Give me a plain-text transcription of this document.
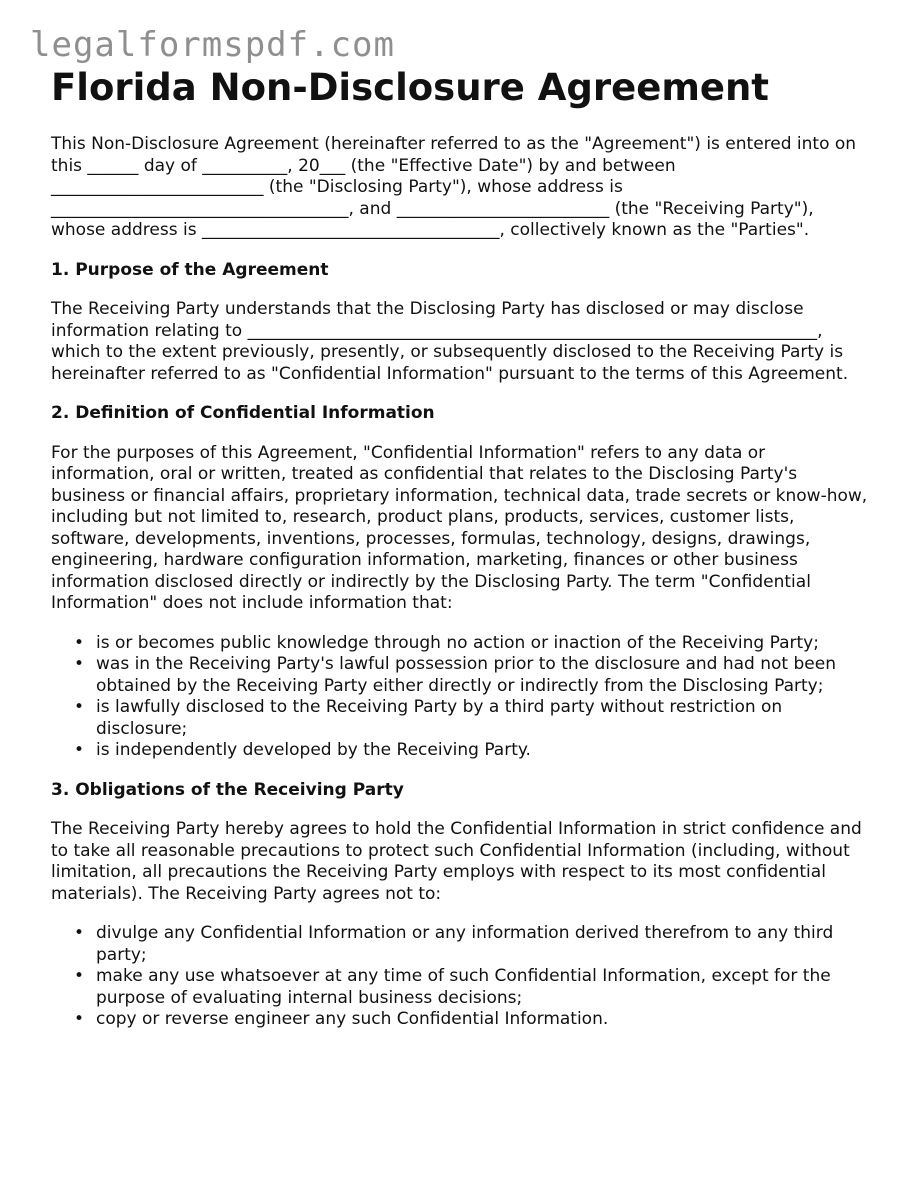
legalformspdf.com
Florida Non-Disclosure Agreement

This Non-Disclosure Agreement (hereinafter referred to as the "Agreement") is entered into on this ______ day of __________, 20___ (the "Effective Date") by and between _________________________ (the "Disclosing Party"), whose address is ___________________________________, and _________________________ (the "Receiving Party"), whose address is ___________________________________, collectively known as the "Parties".

1. Purpose of the Agreement

The Receiving Party understands that the Disclosing Party has disclosed or may disclose information relating to ___________________________________________________________________, which to the extent previously, presently, or subsequently disclosed to the Receiving Party is hereinafter referred to as "Confidential Information" pursuant to the terms of this Agreement.

2. Definition of Confidential Information

For the purposes of this Agreement, "Confidential Information" refers to any data or information, oral or written, treated as confidential that relates to the Disclosing Party's business or financial affairs, proprietary information, technical data, trade secrets or know-how, including but not limited to, research, product plans, products, services, customer lists, software, developments, inventions, processes, formulas, technology, designs, drawings, engineering, hardware configuration information, marketing, finances or other business information disclosed directly or indirectly by the Disclosing Party. The term "Confidential Information" does not include information that:

• is or becomes public knowledge through no action or inaction of the Receiving Party;
• was in the Receiving Party's lawful possession prior to the disclosure and had not been obtained by the Receiving Party either directly or indirectly from the Disclosing Party;
• is lawfully disclosed to the Receiving Party by a third party without restriction on disclosure;
• is independently developed by the Receiving Party.
3. Obligations of the Receiving Party

The Receiving Party hereby agrees to hold the Confidential Information in strict confidence and to take all reasonable precautions to protect such Confidential Information (including, without limitation, all precautions the Receiving Party employs with respect to its most confidential materials). The Receiving Party agrees not to:

• divulge any Confidential Information or any information derived therefrom to any third party;
• make any use whatsoever at any time of such Confidential Information, except for the purpose of evaluating internal business decisions;
• copy or reverse engineer any such Confidential Information.
